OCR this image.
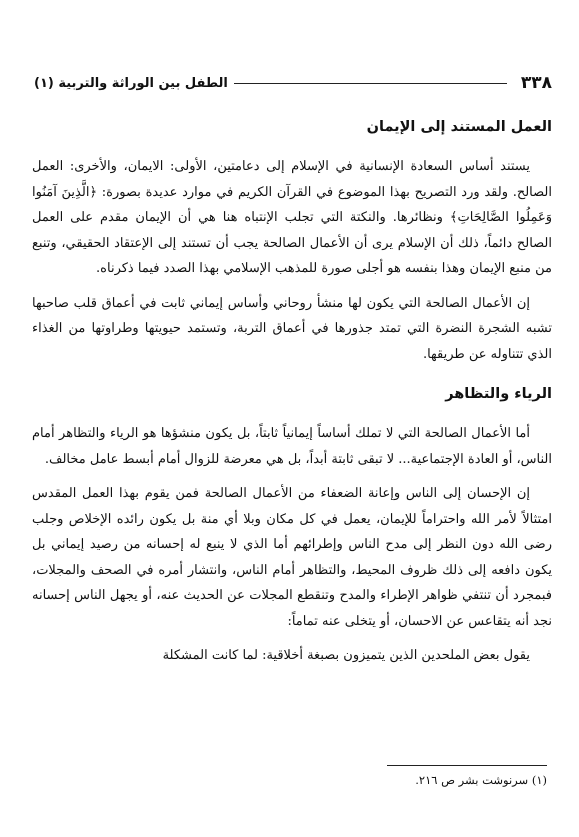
٣٣٨
الطفل بين الوراثة والتربية (١)
العمل المستند إلى الإيمان

يستند أساس السعادة الإنسانية في الإسلام إلى دعامتين، الأولى: الايمان، والأخرى: العمل الصالح. ولقد ورد التصريح بهذا الموضوع في القرآن الكريم في موارد عديدة بصورة: ﴿الَّذِينَ آمَنُوا وَعَمِلُوا الصَّالِحَاتِ﴾ ونظائرها. والنكتة التي تجلب الإنتباه هنا هي أن الإيمان مقدم على العمل الصالح دائماً، ذلك أن الإسلام يرى أن الأعمال الصالحة يجب أن تستند إلى الإعتقاد الحقيقي، وتنبع من منبع الإيمان وهذا بنفسه هو أجلى صورة للمذهب الإسلامي بهذا الصدد فيما ذكرناه.

إن الأعمال الصالحة التي يكون لها منشأ روحاني وأساس إيماني ثابت في أعماق قلب صاحبها تشبه الشجرة النضرة التي تمتد جذورها في أعماق التربة، وتستمد حيويتها وطراوتها من الغذاء الذي تتناوله عن طريقها.

الرياء والتظاهر

أما الأعمال الصالحة التي لا تملك أساساً إيمانياً ثابتاً، بل يكون منشؤها هو الرياء والتظاهر أمام الناس، أو العادة الإجتماعية... لا تبقى ثابتة أبداً، بل هي معرضة للزوال أمام أبسط عامل مخالف.

إن الإحسان إلى الناس وإعانة الضعفاء من الأعمال الصالحة فمن يقوم بهذا العمل المقدس امتثالاً لأمر الله واحتراماً للإيمان، يعمل في كل مكان وبلا أي منة بل يكون رائده الإخلاص وجلب رضى الله دون النظر إلى مدح الناس وإطرائهم أما الذي لا ينبع له إحسانه من رصيد إيماني بل يكون دافعه إلى ذلك ظروف المحيط، والتظاهر أمام الناس، وانتشار أمره في الصحف والمجلات، فبمجرد أن تنتفي ظواهر الإطراء والمدح وتنقطع المجلات عن الحديث عنه، أو يجهل الناس إحسانه نجد أنه يتقاعس عن الاحسان، أو يتخلى عنه تماماً:

يقول بعض الملحدين الذين يتميزون بصبغة أخلاقية: لما كانت المشكلة

(١) سرنوشت بشر ص ٢١٦.
